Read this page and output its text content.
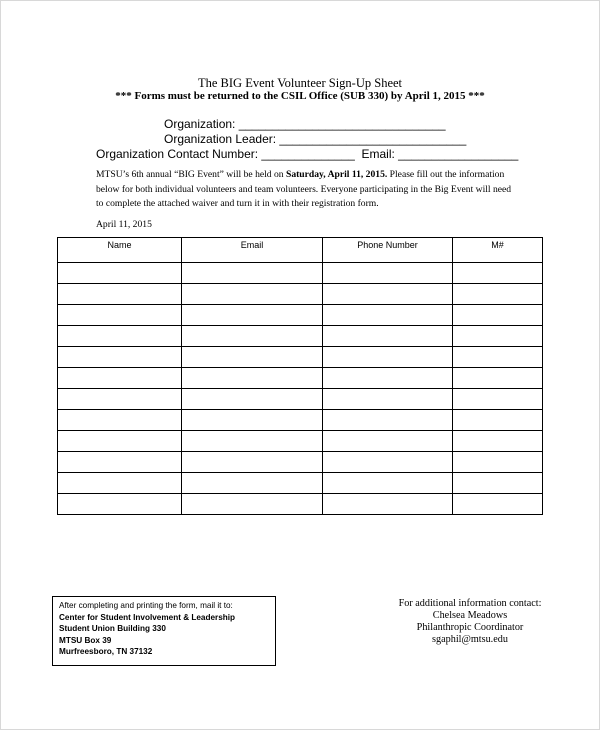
The BIG Event Volunteer Sign-Up Sheet
*** Forms must be returned to the CSIL Office (SUB 330) by April 1, 2015 ***
Organization: _______________________________
Organization Leader: ____________________________
Organization Contact Number: ______________  Email: __________________
MTSU’s 6th annual “BIG Event” will be held on Saturday, April 11, 2015. Please fill out the information below for both individual volunteers and team volunteers. Everyone participating in the Big Event will need to complete the attached waiver and turn it in with their registration form.
April 11, 2015
Name	Email	Phone Number	M#

After completing and printing the form, mail it to:
Center for Student Involvement & Leadership
Student Union Building 330
MTSU Box 39
Murfreesboro, TN 37132
For additional information contact:
Chelsea Meadows
Philanthropic Coordinator
sgaphil@mtsu.edu
